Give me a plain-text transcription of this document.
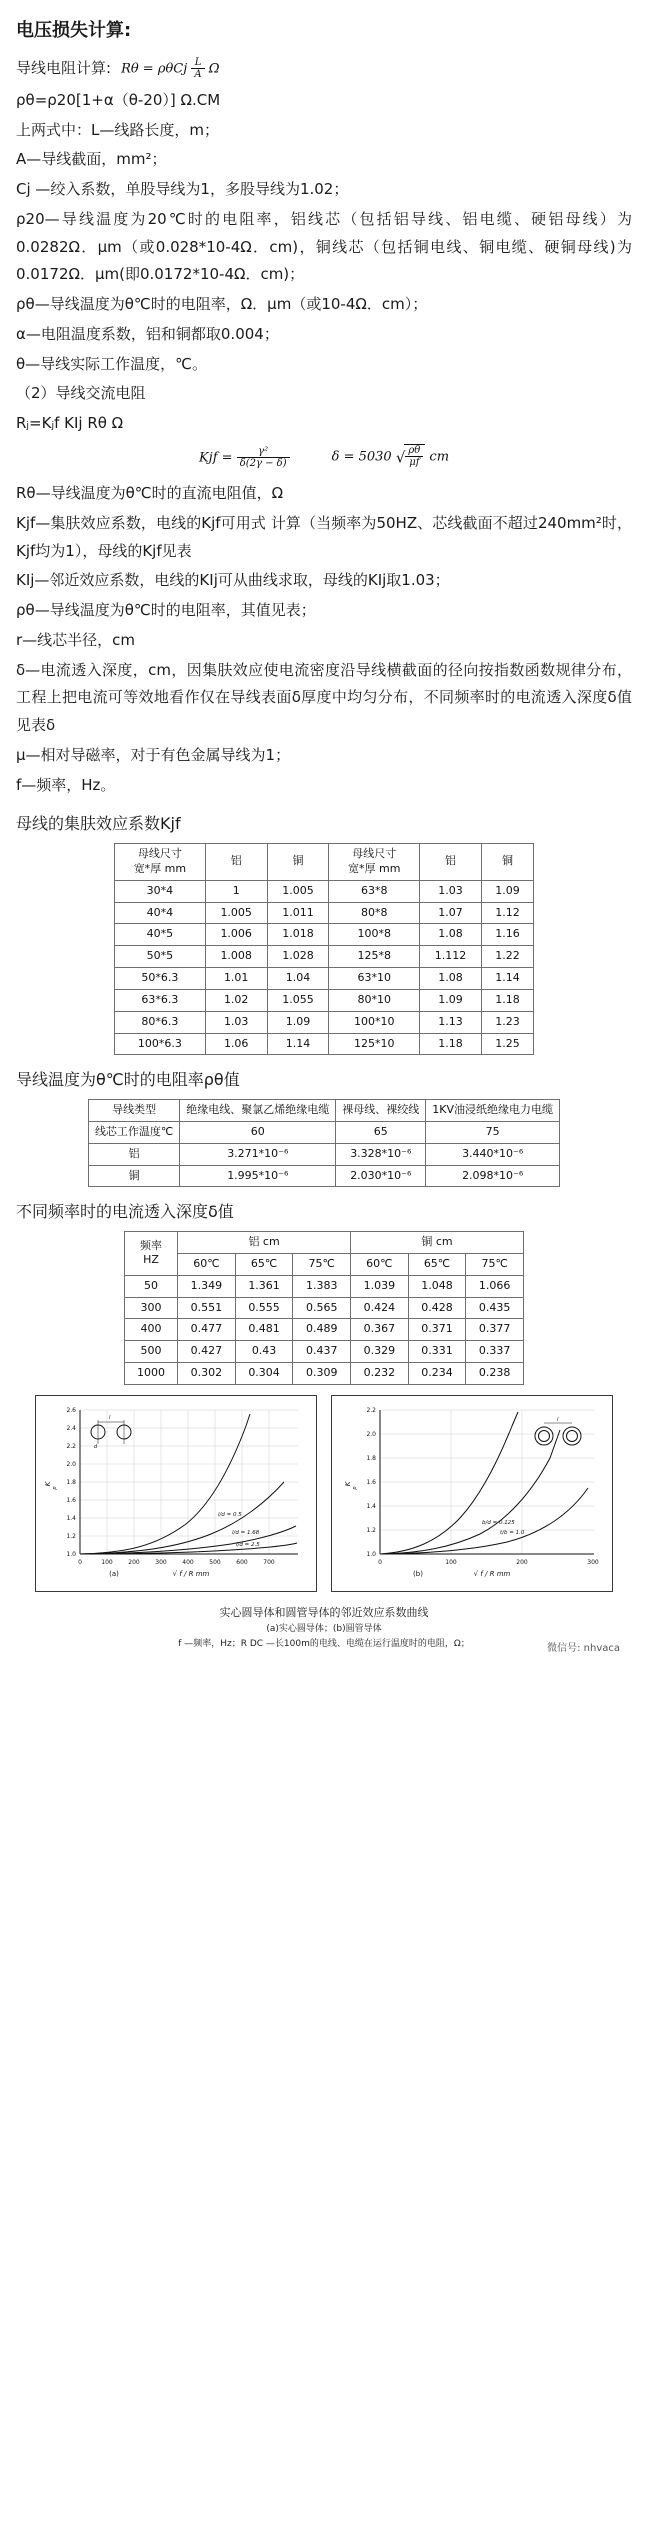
电压损失计算:
导线电阻计算: Rθ = ρθCj $\frac{L}{A}$ Ω

ρθ=ρ20[1+α（θ-20）] Ω.CM

上两式中：L—线路长度，m；

A—导线截面，mm²；

Cj —绞入系数，单股导线为1，多股导线为1.02；

ρ20—导线温度为20℃时的电阻率，铝线芯（包括铝导线、铝电缆、硬铝母线）为 0.0282Ω．μm（或0.028*10-4Ω．cm)，铜线芯（包括铜电线、铜电缆、硬铜母线)为0.0172Ω．μm(即0.0172*10-4Ω．cm)；

ρθ—导线温度为θ℃时的电阻率，Ω．μm（或10-4Ω．cm）；

α—电阻温度系数，铝和铜都取0.004；

θ—导线实际工作温度，℃。

（2）导线交流电阻

Rⱼ=Kⱼf KIj Rθ Ω

Kjf = $\frac{\text{γ²}}{\delta(2\gamma - \delta)}$	δ = 5030 √ $\frac{\rho\theta}{\mu f}$ cm

Rθ—导线温度为θ℃时的直流电阻值，Ω

Kjf—集肤效应系数，电线的Kjf可用式 计算（当频率为50HZ、芯线截面不超过240mm²时，Kjf均为1），母线的Kjf见表

KIj—邻近效应系数，电线的KIj可从曲线求取，母线的KIj取1.03；

ρθ—导线温度为θ℃时的电阻率，其值见表；

r—线芯半径，cm

δ—电流透入深度，cm，因集肤效应使电流密度沿导线横截面的径向按指数函数规律分布，工程上把电流可等效地看作仅在导线表面δ厚度中均匀分布，不同频率时的电流透入深度δ值见表δ

μ—相对导磁率，对于有色金属导线为1；

f—频率，Hz。

母线的集肤效应系数Kjf
母线尺寸
宽*厚 mm
	铝	铜	
母线尺寸
宽*厚 mm
	铝	铜
30*4	1	1.005	63*8	1.03	1.09
40*4	1.005	1.011	80*8	1.07	1.12
40*5	1.006	1.018	100*8	1.08	1.16
50*5	1.008	1.028	125*8	1.112	1.22
50*6.3	1.01	1.04	63*10	1.08	1.14
63*6.3	1.02	1.055	80*10	1.09	1.18
80*6.3	1.03	1.09	100*10	1.13	1.23
100*6.3	1.06	1.14	125*10	1.18	1.25
导线温度为θ℃时的电阻率ρθ值
导线类型	绝缘电线、聚氯乙烯绝缘电缆	裸母线、裸绞线	1KV油浸纸绝缘电力电缆
线芯工作温度℃	60	65	75
铝	3.271*10⁻⁶	3.328*10⁻⁶	3.440*10⁻⁶
铜	1.995*10⁻⁶	2.030*10⁻⁶	2.098*10⁻⁶
不同频率时的电流透入深度δ值
频率
HZ	铝 cm			铜 cm		
	60℃	65℃	75℃	60℃	65℃	75℃
50	1.349	1.361	1.383	1.039	1.048	1.066
300	0.551	0.555	0.565	0.424	0.428	0.435
400	0.477	0.481	0.489	0.367	0.371	0.377
500	0.427	0.43	0.437	0.329	0.331	0.337
1000	0.302	0.304	0.309	0.232	0.234	0.238
1.0
1.2
1.4
1.6
1.8
2.0
2.2
2.4
2.6
0	100	200	300	400	500	600	700
l/d = 0.5
l/d = 1.68
l/d = 2.5
l
d
K
p
√ f / R mm
(a)
1.0
1.2
1.4
1.6
1.8
2.0
2.2
0	100	200	300
l
b/d = 0.125
t/b = 1.0
K
p
√ f / R mm
(b)
实心圆导体和圆管导体的邻近效应系数曲线
(a)实心圆导体；(b)圆管导体
f —频率，Hz；R DC —长100m的电线、电缆在运行温度时的电阻，Ω；	微信号: nhvaca
